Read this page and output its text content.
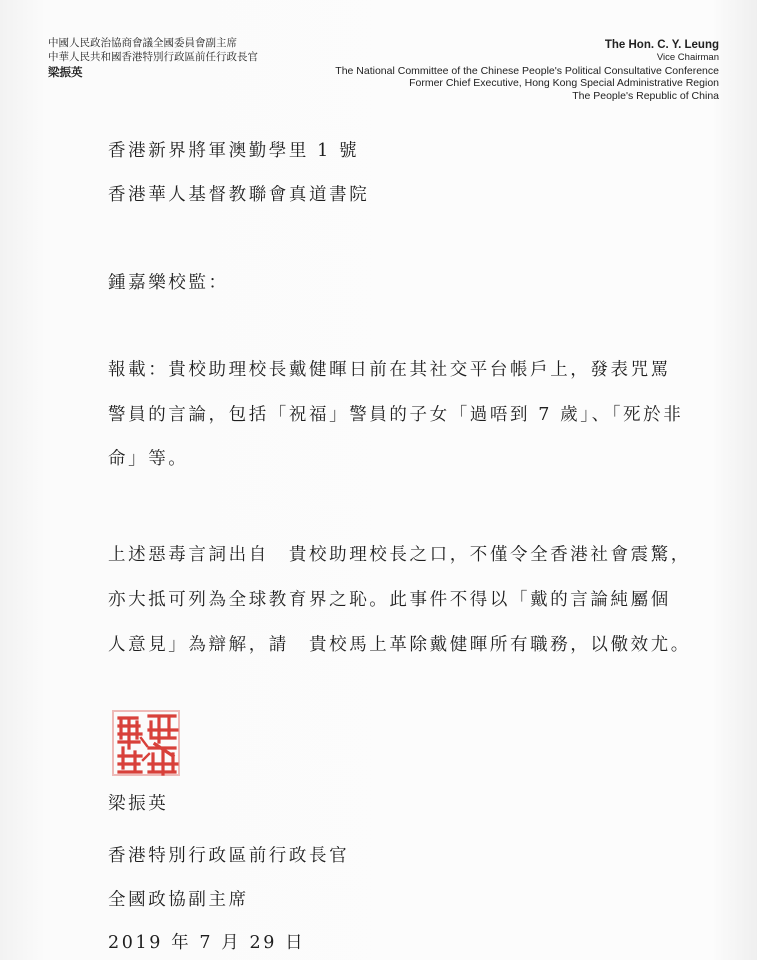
中國人民政治協商會議全國委員會副主席
中華人民共和國香港特別行政區前任行政長官
梁振英
The Hon. C. Y. Leung
Vice Chairman
The National Committee of the Chinese People's Political Consultative Conference
Former Chief Executive, Hong Kong Special Administrative Region
The People's Republic of China
香港新界將軍澳勤學里 1 號
香港華人基督教聯會真道書院
鍾嘉樂校監：
報載：貴校助理校長戴健暉日前在其社交平台帳戶上，發表咒罵
警員的言論，包括「祝福」警員的子女「過唔到 7 歲」、「死於非
命」等。
上述惡毒言詞出自　貴校助理校長之口，不僅令全香港社會震驚，
亦大抵可列為全球教育界之恥。此事件不得以「戴的言論純屬個
人意見」為辯解，請　貴校馬上革除戴健暉所有職務，以儆效尤。
梁振英
香港特別行政區前行政長官
全國政協副主席
2019 年 7 月 29 日
